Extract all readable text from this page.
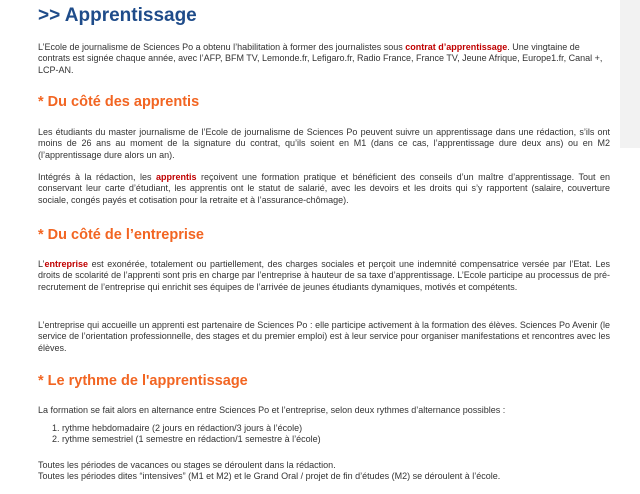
>> Apprentissage

L’Ecole de journalisme de Sciences Po a obtenu l’habilitation à former des journalistes sous contrat d’apprentissage. Une vingtaine de contrats est signée chaque année, avec l’AFP, BFM TV, Lemonde.fr, Lefigaro.fr, Radio France, France TV, Jeune Afrique, Europe1.fr, Canal +, LCP-AN.

* Du côté des apprentis

Les étudiants du master journalisme de l’Ecole de journalisme de Sciences Po peuvent suivre un apprentissage dans une rédaction, s’ils ont moins de 26 ans au moment de la signature du contrat, qu’ils soient en M1 (dans ce cas, l’apprentissage dure deux ans) ou en M2 (l’apprentissage dure alors un an).

Intégrés à la rédaction, les apprentis reçoivent une formation pratique et bénéficient des conseils d’un maître d’apprentissage. Tout en conservant leur carte d’étudiant, les apprentis ont le statut de salarié, avec les devoirs et les droits qui s’y rapportent (salaire, couverture sociale, congés payés et cotisation pour la retraite et à l’assurance-chômage).

* Du côté de l’entreprise

L’entreprise est exonérée, totalement ou partiellement, des charges sociales et perçoit une indemnité compensatrice versée par l’Etat. Les droits de scolarité de l’apprenti sont pris en charge par l’entreprise à hauteur de sa taxe d’apprentissage. L’Ecole participe au processus de pré-recrutement de l’entreprise qui enrichit ses équipes de l’arrivée de jeunes étudiants dynamiques, motivés et compétents.

L’entreprise qui accueille un apprenti est partenaire de Sciences Po : elle participe activement à la formation des élèves. Sciences Po Avenir (le service de l’orientation professionnelle, des stages et du premier emploi) est à leur service pour organiser manifestations et rencontres avec les élèves.

* Le rythme de l'apprentissage

La formation se fait alors en alternance entre Sciences Po et l’entreprise, selon deux rythmes d’alternance possibles :

1. rythme hebdomadaire (2 jours en rédaction/3 jours à l’école)
2. rythme semestriel (1 semestre en rédaction/1 semestre à l’école)

Toutes les périodes de vacances ou stages se déroulent dans la rédaction.
Toutes les périodes dites “intensives” (M1 et M2) et le Grand Oral / projet de fin d’études (M2) se déroulent à l’école.
